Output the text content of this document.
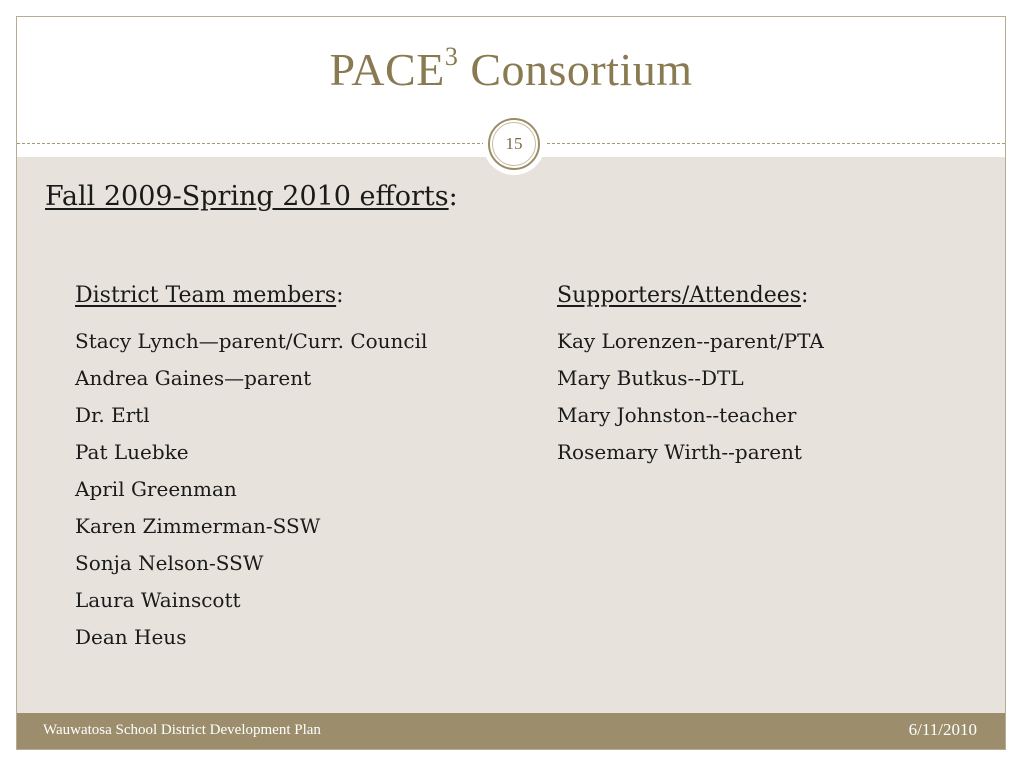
PACE$^3$ Consortium
15
Fall 2009-Spring 2010 efforts:
District Team members:
Stacy Lynch—parent/Curr. Council
Andrea Gaines—parent
Dr. Ertl
Pat Luebke
April Greenman
Karen Zimmerman-SSW
Sonja Nelson-SSW
Laura Wainscott
Dean Heus
Supporters/Attendees:
Kay Lorenzen--parent/PTA
Mary Butkus--DTL
Mary Johnston--teacher
Rosemary Wirth--parent
Wauwatosa School District Development Plan	6/11/2010
